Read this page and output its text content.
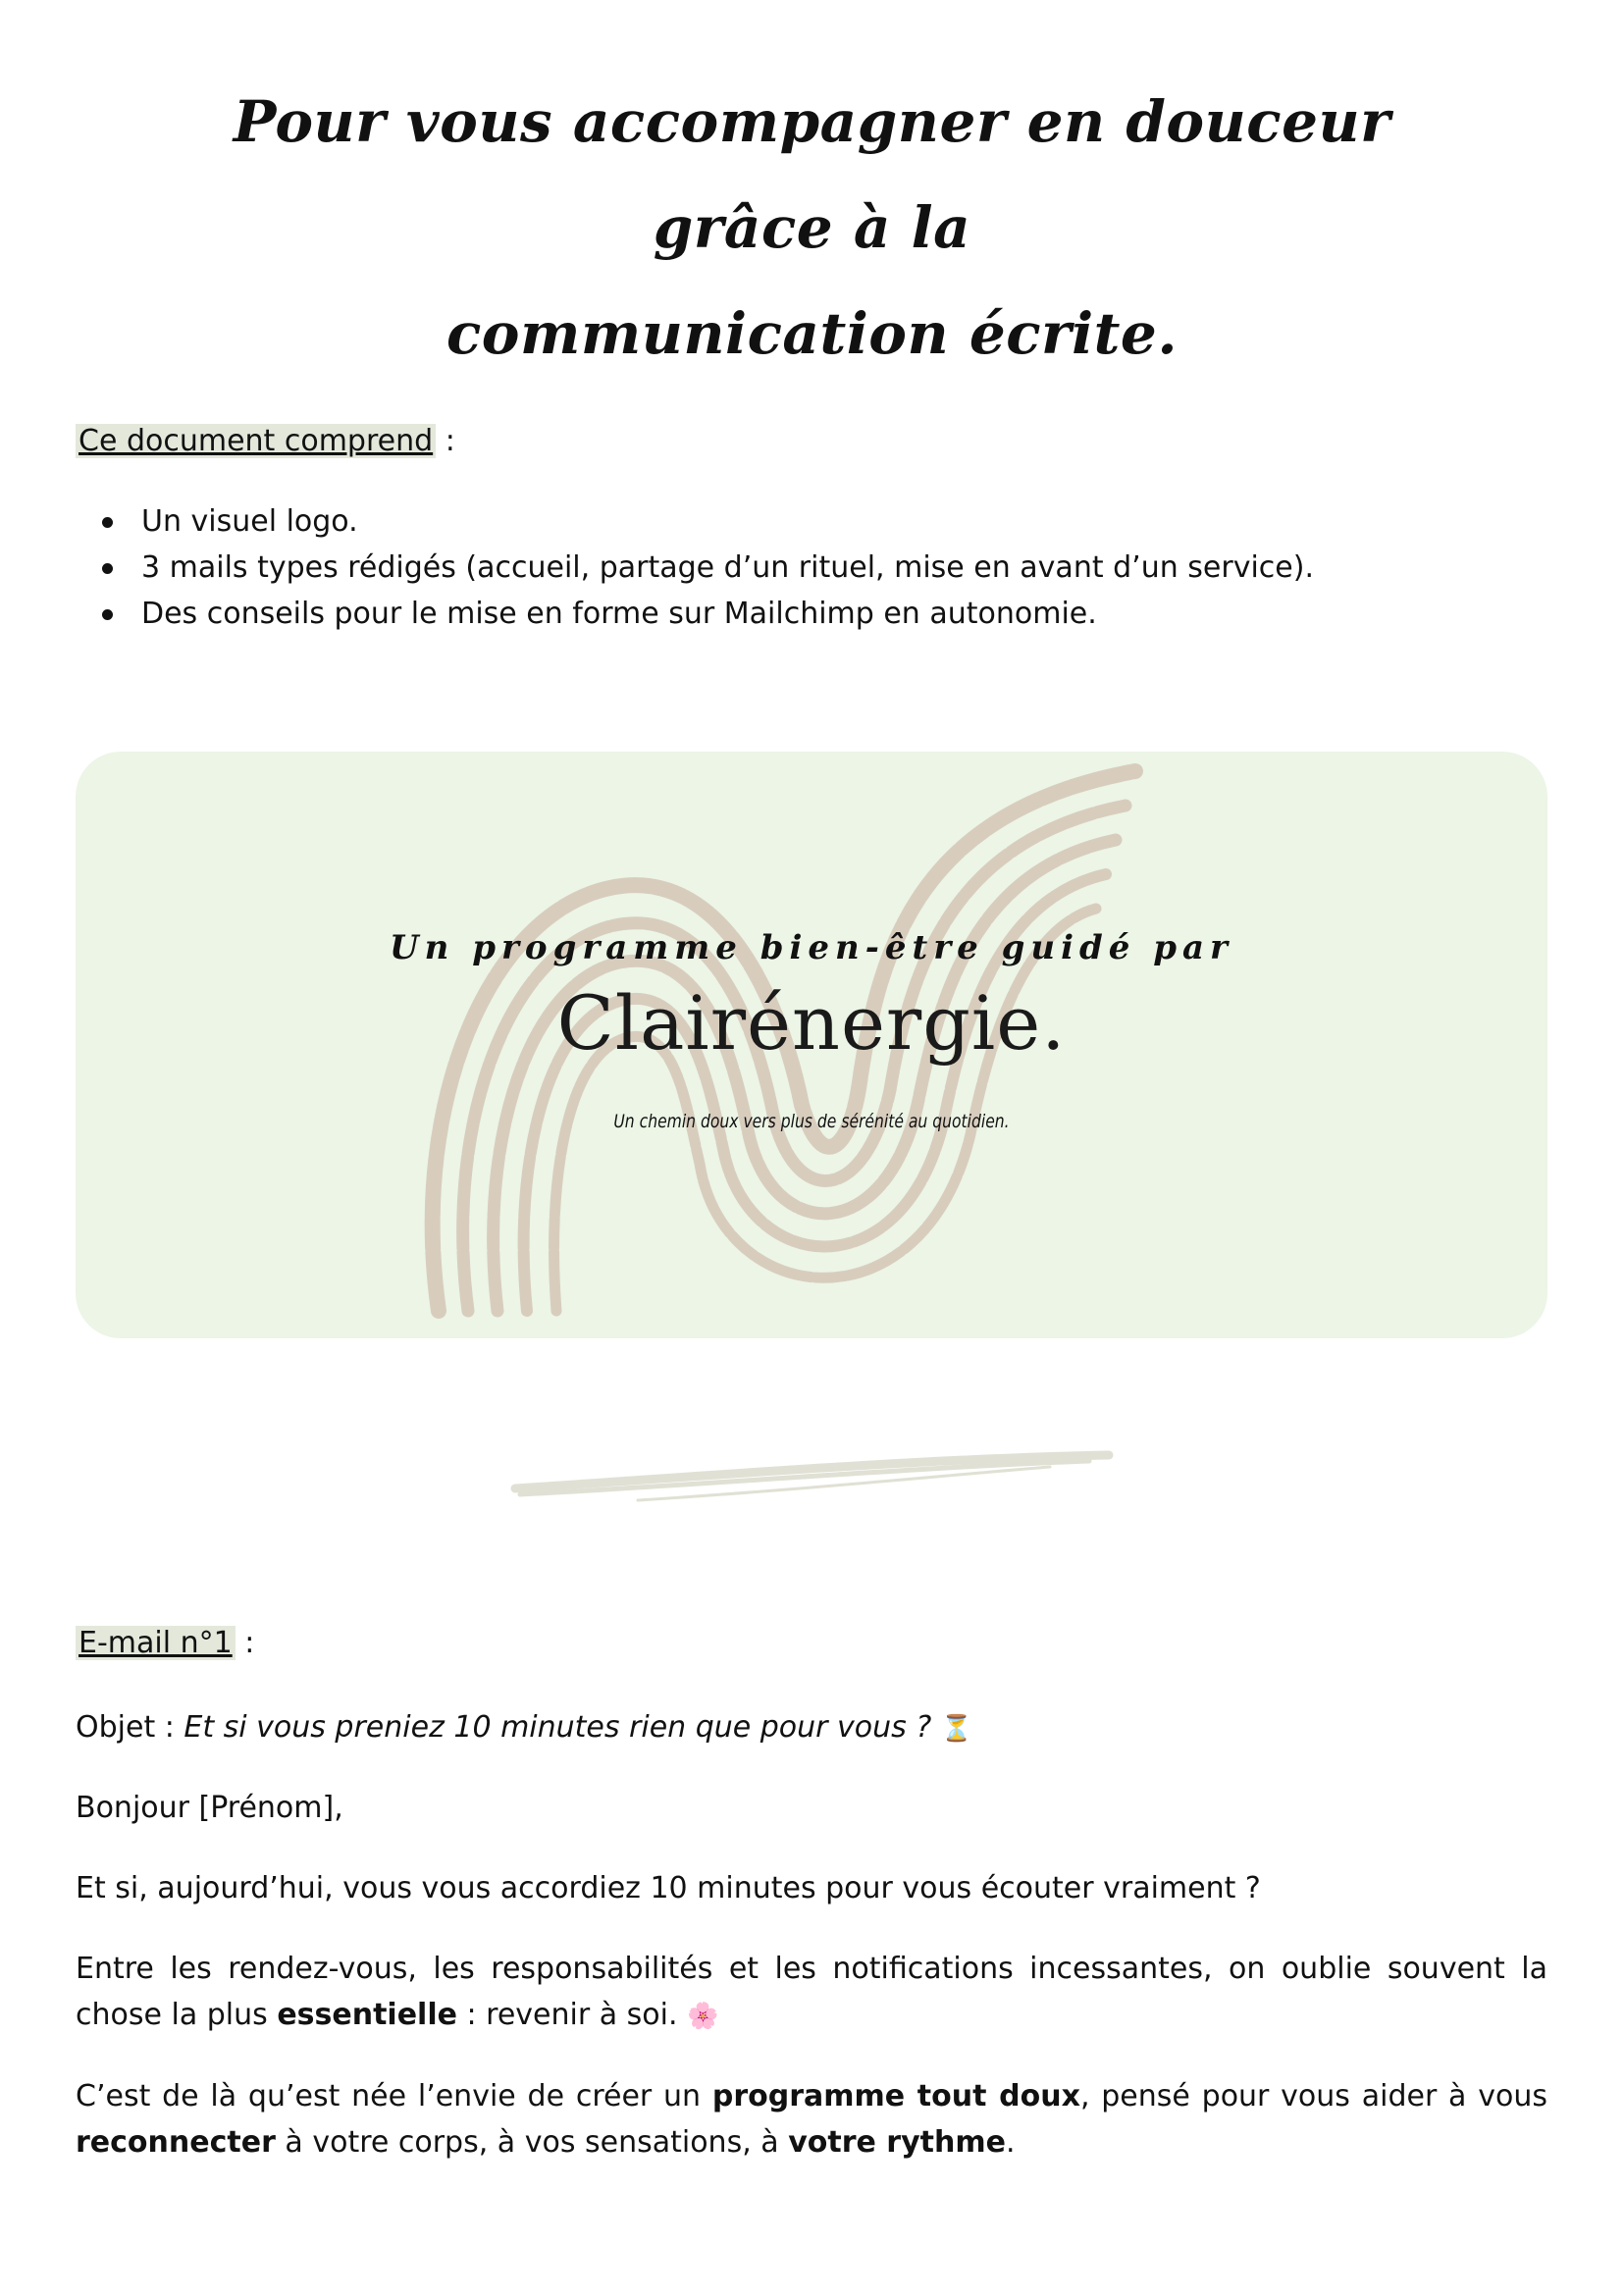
Pour vous accompagner en douceur grâce à la
communication écrite.
Ce document comprend :
Un visuel logo.
3 mails types rédigés (accueil, partage d’un rituel, mise en avant d’un service).
Des conseils pour le mise en forme sur Mailchimp en autonomie.
Un programme bien-être guidé par
Clairénergie.
Un chemin doux vers plus de sérénité au quotidien.
E-mail n°1 :
Objet : Et si vous preniez 10 minutes rien que pour vous ? ⏳
Bonjour [Prénom],
Et si, aujourd’hui, vous vous accordiez 10 minutes pour vous écouter vraiment ?
Entre les rendez-vous, les responsabilités et les notifications incessantes, on oublie souvent la chose la plus essentielle : revenir à soi. 🌸
C’est de là qu’est née l’envie de créer un programme tout doux, pensé pour vous aider à vous reconnecter à votre corps, à vos sensations, à votre rythme.
